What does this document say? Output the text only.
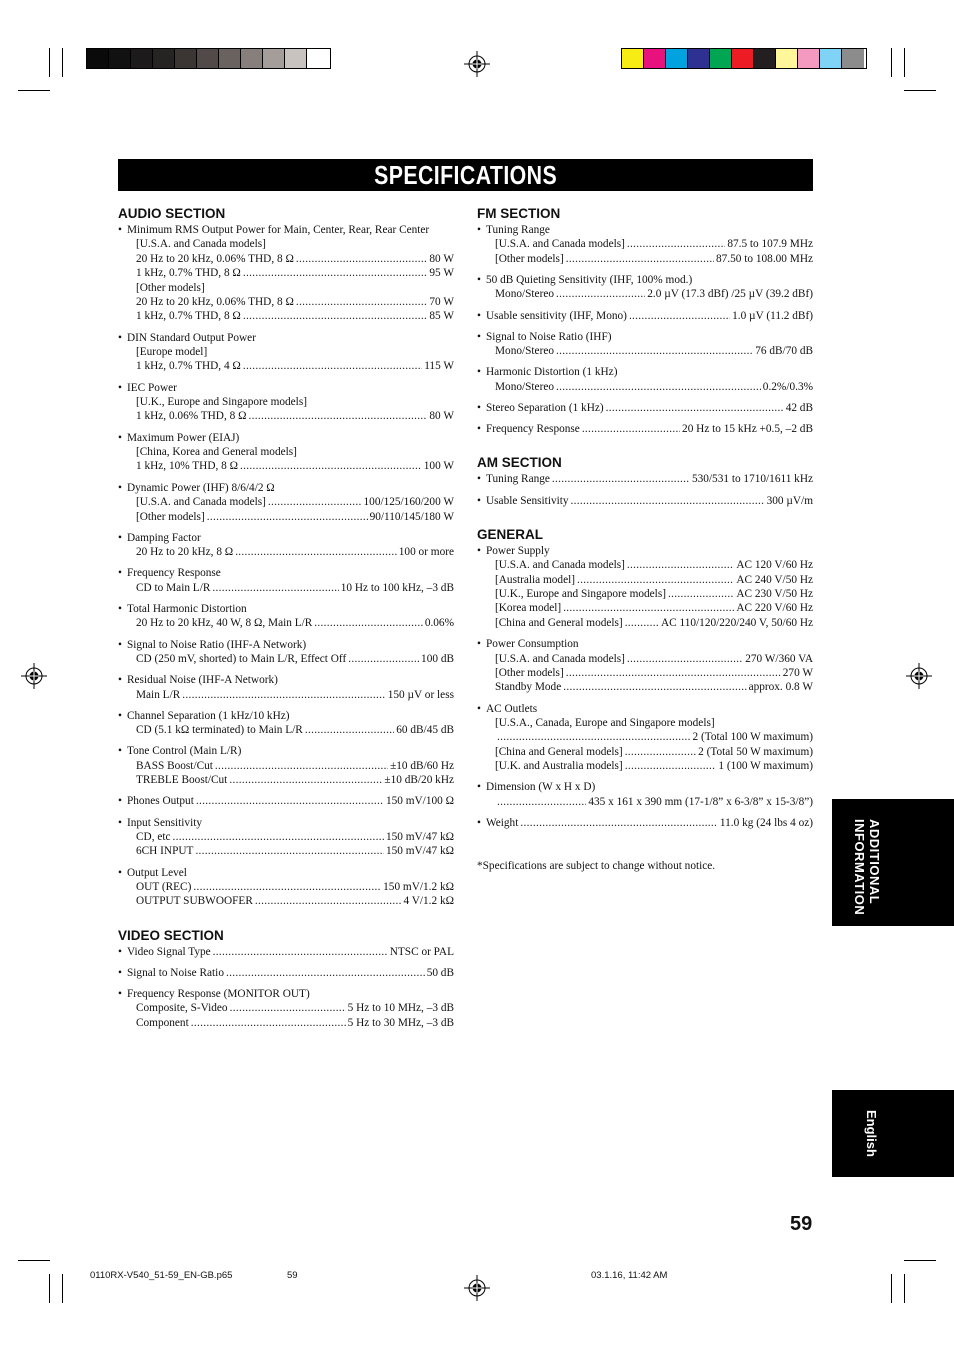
SPECIFICATIONS
AUDIO SECTION
• Minimum RMS Output Power for Main, Center, Rear, Rear Center
[U.S.A. and Canada models]
20 Hz to 20 kHz, 0.06% THD, 8 Ω .....	80 W
1 kHz, 0.7% THD, 8 Ω .....	95 W
[Other models]
20 Hz to 20 kHz, 0.06% THD, 8 Ω .....	70 W
1 kHz, 0.7% THD, 8 Ω .....	85 W
• DIN Standard Output Power
[Europe model]
1 kHz, 0.7% THD, 4 Ω .....	115 W
• IEC Power
[U.K., Europe and Singapore models]
1 kHz, 0.06% THD, 8 Ω .....	80 W
• Maximum Power (EIAJ)
[China, Korea and General models]
1 kHz, 10% THD, 8 Ω .....	100 W
• Dynamic Power (IHF) 8/6/4/2 Ω
[U.S.A. and Canada models] .....	100/125/160/200 W
[Other models] .....	90/110/145/180 W
• Damping Factor
20 Hz to 20 kHz, 8 Ω .....	100 or more
• Frequency Response
CD to Main L/R .....	10 Hz to 100 kHz, –3 dB
• Total Harmonic Distortion
20 Hz to 20 kHz, 40 W, 8 Ω, Main L/R .....	0.06%
• Signal to Noise Ratio (IHF-A Network)
CD (250 mV, shorted) to Main L/R, Effect Off .....	100 dB
• Residual Noise (IHF-A Network)
Main L/R .....	150 µV or less
• Channel Separation (1 kHz/10 kHz)
CD (5.1 kΩ terminated) to Main L/R .....	60 dB/45 dB
• Tone Control (Main L/R)
BASS Boost/Cut .....	±10 dB/60 Hz
TREBLE Boost/Cut .....	±10 dB/20 kHz
• Phones Output .....	150 mV/100 Ω
• Input Sensitivity
CD, etc .....	150 mV/47 kΩ
6CH INPUT .....	150 mV/47 kΩ
• Output Level
OUT (REC) .....	150 mV/1.2 kΩ
OUTPUT SUBWOOFER .....	4 V/1.2 kΩ
VIDEO SECTION
• Video Signal Type .....	NTSC or PAL
• Signal to Noise Ratio .....	50 dB
• Frequency Response (MONITOR OUT)
Composite, S-Video .....	5 Hz to 10 MHz, –3 dB
Component .....	5 Hz to 30 MHz, –3 dB
FM SECTION
• Tuning Range
[U.S.A. and Canada models] .....	87.5 to 107.9 MHz
[Other models] .....	87.50 to 108.00 MHz
• 50 dB Quieting Sensitivity (IHF, 100% mod.)
Mono/Stereo .....	2.0 µV (17.3 dBf) /25 µV (39.2 dBf)
• Usable sensitivity (IHF, Mono) .....	1.0 µV (11.2 dBf)
• Signal to Noise Ratio (IHF)
Mono/Stereo .....	76 dB/70 dB
• Harmonic Distortion (1 kHz)
Mono/Stereo .....	0.2%/0.3%
• Stereo Separation (1 kHz) .....	42 dB
• Frequency Response .....	20 Hz to 15 kHz +0.5, –2 dB
AM SECTION
• Tuning Range .....	530/531 to 1710/1611 kHz
• Usable Sensitivity .....	300 µV/m
GENERAL
• Power Supply
[U.S.A. and Canada models] .....	AC 120 V/60 Hz
[Australia model] .....	AC 240 V/50 Hz
[U.K., Europe and Singapore models] .....	AC 230 V/50 Hz
[Korea model] .....	AC 220 V/60 Hz
[China and General models] .....	AC 110/120/220/240 V, 50/60 Hz
• Power Consumption
[U.S.A. and Canada models] .....	270 W/360 VA
[Other models] .....	270 W
Standby Mode .....	approx. 0.8 W
• AC Outlets
[U.S.A., Canada, Europe and Singapore models]
.....
2 (Total 100 W maximum)
[China and General models] .....	2 (Total 50 W maximum)
[U.K. and Australia models] .....	1 (100 W maximum)
• Dimension (W x H x D)
.....
435 x 161 x 390 mm (17-1/8” x 6-3/8” x 15-3/8”)
• Weight .....	11.0 kg (24 lbs 4 oz)
*Specifications are subject to change without notice.	ADDITIONAL
INFORMATION
English
59
0110RX-V540_51-59_EN-GB.p65	59	03.1.16, 11:42 AM
